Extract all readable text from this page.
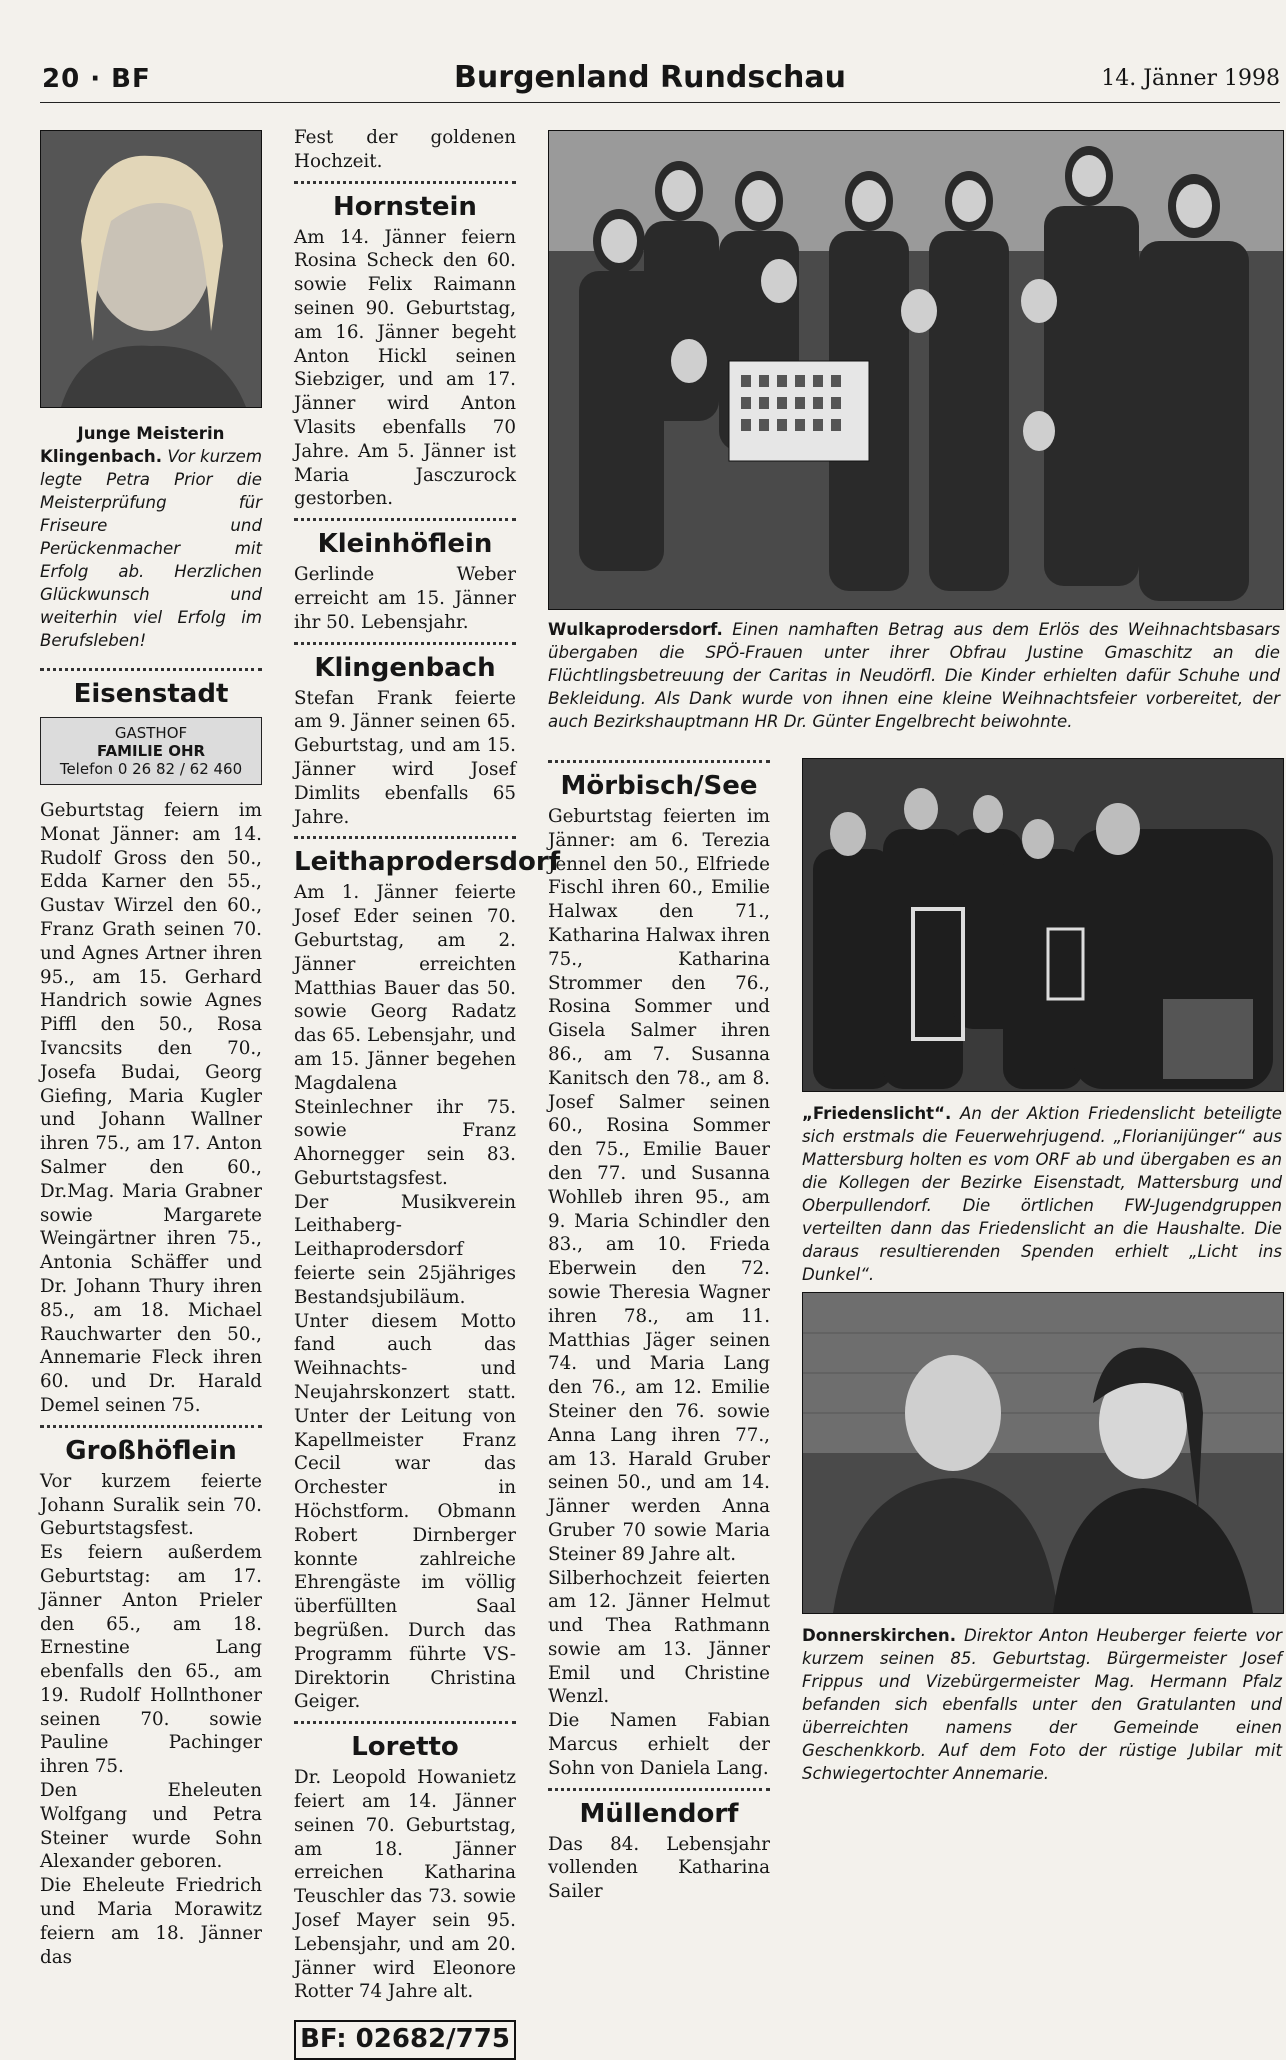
20 · BF	Burgenland Rundschau	14. Jänner 1998
Junge Meisterin

Klingenbach. Vor kurzem legte Petra Prior die Meisterprüfung für Friseure und Perückenmacher mit Erfolg ab. Herzlichen Glückwunsch und weiterhin viel Erfolg im Berufsleben!

Eisenstadt
GASTHOF
FAMILIE OHR
Telefon 0 26 82 / 62 460

Geburtstag feiern im Monat Jänner: am 14. Rudolf Gross den 50., Edda Karner den 55., Gustav Wirzel den 60., Franz Grath seinen 70. und Agnes Artner ihren 95., am 15. Gerhard Handrich sowie Agnes Piffl den 50., Rosa Ivancsits den 70., Josefa Budai, Georg Giefing, Maria Kugler und Johann Wallner ihren 75., am 17. Anton Salmer den 60., Dr.Mag. Maria Grabner sowie Margarete Weingärtner ihren 75., Antonia Schäffer und Dr. Johann Thury ihren 85., am 18. Michael Rauchwarter den 50., Annemarie Fleck ihren 60. und Dr. Harald Demel seinen 75.

Großhöflein

Vor kurzem feierte Johann Suralik sein 70. Geburtstagsfest.

Es feiern außerdem Geburtstag: am 17. Jänner Anton Prieler den 65., am 18. Ernestine Lang ebenfalls den 65., am 19. Rudolf Hollnthoner seinen 70. sowie Pauline Pachinger ihren 75.

Den Eheleuten Wolfgang und Petra Steiner wurde Sohn Alexander geboren.

Die Eheleute Friedrich und Maria Morawitz feiern am 18. Jänner das

Fest der goldenen Hochzeit.

Hornstein

Am 14. Jänner feiern Rosina Scheck den 60. sowie Felix Raimann seinen 90. Geburtstag, am 16. Jänner begeht Anton Hickl seinen Siebziger, und am 17. Jänner wird Anton Vlasits ebenfalls 70 Jahre. Am 5. Jänner ist Maria Jasczurock gestorben.

Kleinhöflein

Gerlinde Weber erreicht am 15. Jänner ihr 50. Lebensjahr.

Klingenbach

Stefan Frank feierte am 9. Jänner seinen 65. Geburtstag, und am 15. Jänner wird Josef Dimlits ebenfalls 65 Jahre.

Leithaprodersdorf

Am 1. Jänner feierte Josef Eder seinen 70. Geburtstag, am 2. Jänner erreichten Matthias Bauer das 50. sowie Georg Radatz das 65. Lebensjahr, und am 15. Jänner begehen Magdalena Steinlechner ihr 75. sowie Franz Ahornegger sein 83. Geburtstagsfest.

Der Musikverein Leithaberg-Leithaprodersdorf feierte sein 25jähriges Bestandsjubiläum. Unter diesem Motto fand auch das Weihnachts- und Neujahrskonzert statt. Unter der Leitung von Kapellmeister Franz Cecil war das Orchester in Höchstform. Obmann Robert Dirnberger konnte zahlreiche Ehrengäste im völlig überfüllten Saal begrüßen. Durch das Programm führte VS-Direktorin Christina Geiger.

Loretto

Dr. Leopold Howanietz feiert am 14. Jänner seinen 70. Geburtstag, am 18. Jänner erreichen Katharina Teuschler das 73. sowie Josef Mayer sein 95. Lebensjahr, und am 20. Jänner wird Eleonore Rotter 74 Jahre alt.

BF: 02682/775
Wulkaprodersdorf. Einen namhaften Betrag aus dem Erlös des Weihnachtsbasars übergaben die SPÖ-Frauen unter ihrer Obfrau Justine Gmaschitz an die Flüchtlingsbetreuung der Caritas in Neudörfl. Die Kinder erhielten dafür Schuhe und Bekleidung. Als Dank wurde von ihnen eine kleine Weihnachtsfeier vorbereitet, der auch Bezirkshauptmann HR Dr. Günter Engelbrecht beiwohnte.
Mörbisch/See

Geburtstag feierten im Jänner: am 6. Terezia Jennel den 50., Elfriede Fischl ihren 60., Emilie Halwax den 71., Katharina Halwax ihren 75., Katharina Strommer den 76., Rosina Sommer und Gisela Salmer ihren 86., am 7. Susanna Kanitsch den 78., am 8. Josef Salmer seinen 60., Rosina Sommer den 75., Emilie Bauer den 77. und Susanna Wohlleb ihren 95., am 9. Maria Schindler den 83., am 10. Frieda Eberwein den 72. sowie Theresia Wagner ihren 78., am 11. Matthias Jäger seinen 74. und Maria Lang den 76., am 12. Emilie Steiner den 76. sowie Anna Lang ihren 77., am 13. Harald Gruber seinen 50., und am 14. Jänner werden Anna Gruber 70 sowie Maria Steiner 89 Jahre alt.

Silberhochzeit feierten am 12. Jänner Helmut und Thea Rathmann sowie am 13. Jänner Emil und Christine Wenzl.

Die Namen Fabian Marcus erhielt der Sohn von Daniela Lang.

Müllendorf

Das 84. Lebensjahr vollenden Katharina Sailer

„Friedenslicht“. An der Aktion Friedenslicht beteiligte sich erstmals die Feuerwehrjugend. „Florianijünger“ aus Mattersburg holten es vom ORF ab und übergaben es an die Kollegen der Bezirke Eisenstadt, Mattersburg und Oberpullendorf. Die örtlichen FW-Jugendgruppen verteilten dann das Friedenslicht an die Haushalte. Die daraus resultierenden Spenden erhielt „Licht ins Dunkel“.
Donnerskirchen. Direktor Anton Heuberger feierte vor kurzem seinen 85. Geburtstag. Bürgermeister Josef Frippus und Vizebürgermeister Mag. Hermann Pfalz befanden sich ebenfalls unter den Gratulanten und überreichten namens der Gemeinde einen Geschenkkorb. Auf dem Foto der rüstige Jubilar mit Schwiegertochter Annemarie.
